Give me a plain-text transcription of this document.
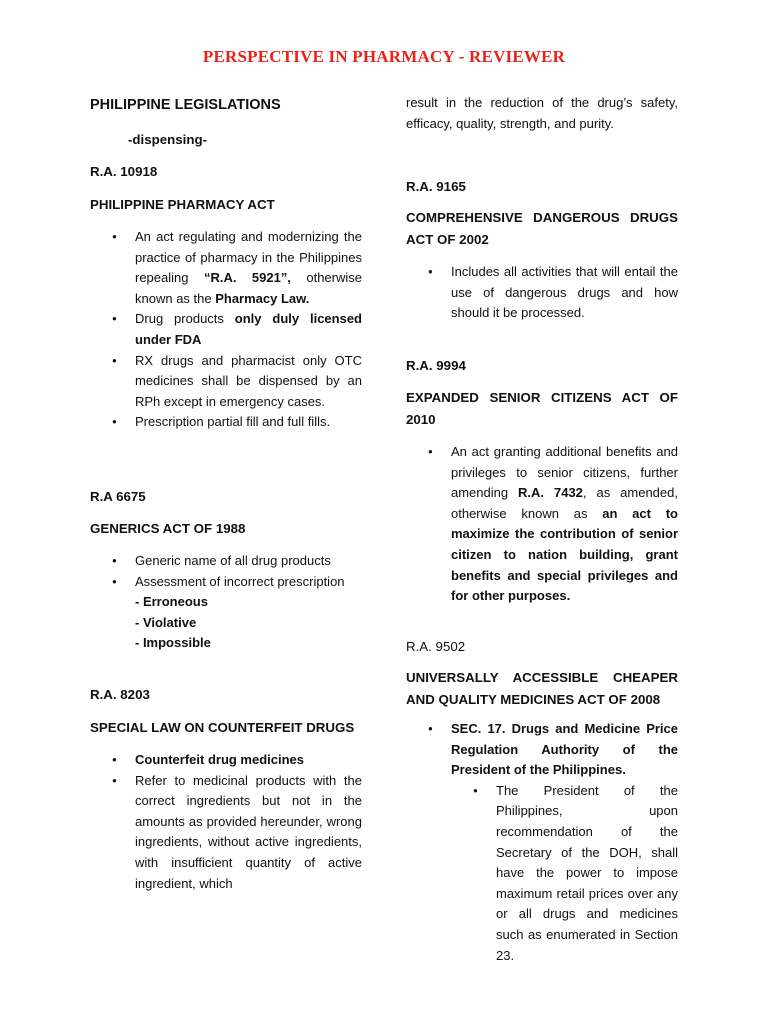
PERSPECTIVE IN PHARMACY - REVIEWER
PHILIPPINE LEGISLATIONS
-dispensing-
R.A. 10918
PHILIPPINE PHARMACY ACT
● An act regulating and modernizing the practice of pharmacy in the Philippines repealing “R.A. 5921”, otherwise known as the Pharmacy Law.
● Drug products only duly licensed under FDA
● RX drugs and pharmacist only OTC medicines shall be dispensed by an RPh except in emergency cases.
● Prescription partial fill and full fills.
R.A 6675
GENERICS ACT OF 1988
● Generic name of all drug products
● Assessment of incorrect prescription
- Erroneous
- Violative
- Impossible
R.A. 8203
SPECIAL LAW ON COUNTERFEIT DRUGS
● Counterfeit drug medicines
● Refer to medicinal products with the correct ingredients but not in the amounts as provided hereunder, wrong ingredients, without active ingredients, with insufficient quantity of active ingredient, which
result in the reduction of the drug’s safety, efficacy, quality, strength, and purity.
R.A. 9165
COMPREHENSIVE DANGEROUS DRUGS ACT OF 2002
● Includes all activities that will entail the use of dangerous drugs and how should it be processed.
R.A. 9994
EXPANDED SENIOR CITIZENS ACT OF 2010
● An act granting additional benefits and privileges to senior citizens, further amending R.A. 7432, as amended, otherwise known as an act to maximize the contribution of senior citizen to nation building, grant benefits and special privileges and for other purposes.
R.A. 9502
UNIVERSALLY ACCESSIBLE CHEAPER AND QUALITY MEDICINES ACT OF 2008
● SEC. 17. Drugs and Medicine Price Regulation Authority of the President of the Philippines.
● The President of the Philippines, upon recommendation of the Secretary of the DOH, shall have the power to impose maximum retail prices over any or all drugs and medicines such as enumerated in Section 23.
